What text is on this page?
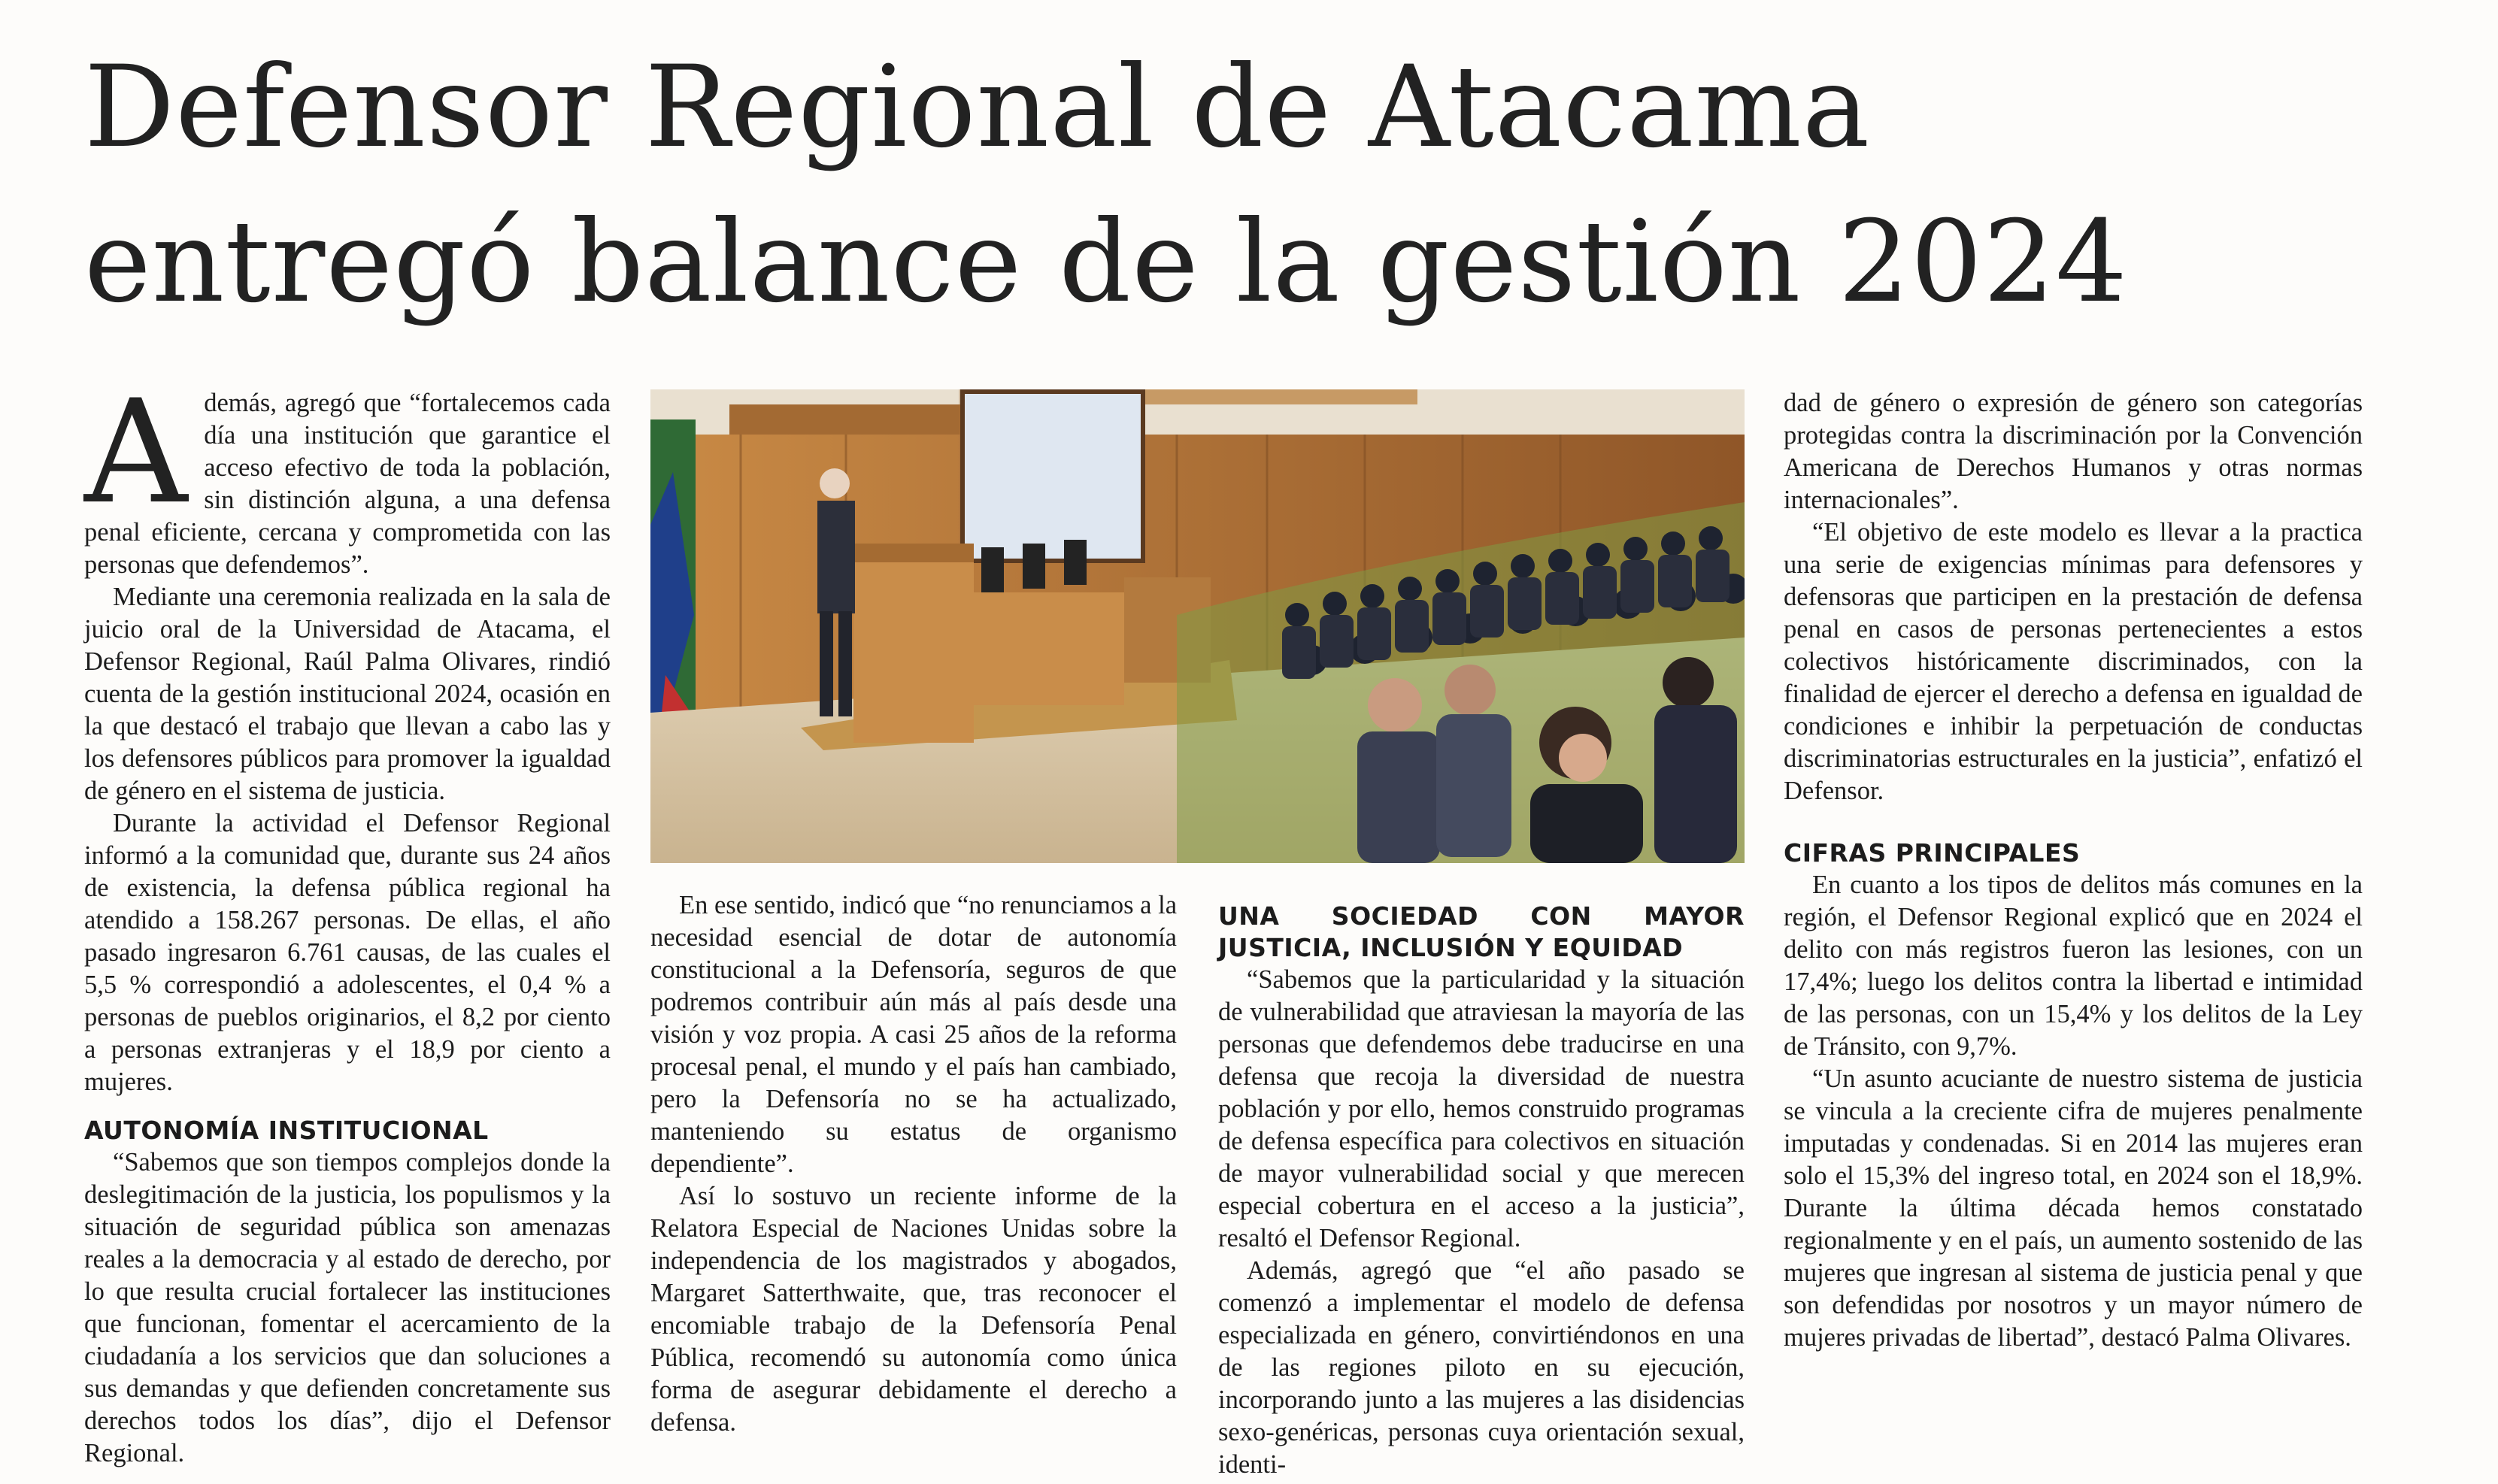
Defensor Regional de Atacama
entregó balance de la gestión 2024

Además, agregó que “fortalecemos cada día una institución que garantice el acceso efectivo de toda la población, sin distinción alguna, a una defensa penal eficiente, cercana y comprometida con las personas que defendemos”.

Mediante una ceremonia realizada en la sala de juicio oral de la Universidad de Atacama, el Defensor Regional, Raúl Palma Olivares, rindió cuenta de la gestión institucional 2024, ocasión en la que destacó el trabajo que llevan a cabo las y los defensores públicos para promover la igualdad de género en el sistema de justicia.

Durante la actividad el Defensor Regional informó a la comunidad que, durante sus 24 años de existencia, la defensa pública regional ha atendido a 158.267 personas. De ellas, el año pasado ingresaron 6.761 causas, de las cuales el 5,5 % correspondió a adolescentes, el 0,4 % a personas de pueblos originarios, el 8,2 por ciento a personas extranjeras y el 18,9 por ciento a mujeres.

AUTONOMÍA INSTITUCIONAL

“Sabemos que son tiempos complejos donde la deslegitimación de la justicia, los populismos y la situación de seguridad pública son amenazas reales a la democracia y al estado de derecho, por lo que resulta crucial fortalecer las instituciones que funcionan, fomentar el acercamiento de la ciudadanía a los servicios que dan soluciones a sus demandas y que defienden concretamente sus derechos todos los días”, dijo el Defensor Regional.

En ese sentido, indicó que “no renunciamos a la necesidad esencial de dotar de autonomía constitucional a la Defensoría, seguros de que podremos contribuir aún más al país desde una visión y voz propia. A casi 25 años de la reforma procesal penal, el mundo y el país han cambiado, pero la Defensoría no se ha actualizado, manteniendo su estatus de organismo dependiente”.

Así lo sostuvo un reciente informe de la Relatora Especial de Naciones Unidas sobre la independencia de los magistrados y abogados, Margaret Satterthwaite, que, tras reconocer el encomiable trabajo de la Defensoría Penal Pública, recomendó su autonomía como única forma de asegurar debidamente el derecho a defensa.

UNA SOCIEDAD CON MAYOR JUSTICIA, INCLUSIÓN Y EQUIDAD

“Sabemos que la particularidad y la situación de vulnerabilidad que atraviesan la mayoría de las personas que defendemos debe traducirse en una defensa que recoja la diversidad de nuestra población y por ello, hemos construido programas de defensa específica para colectivos en situación de mayor vulnerabilidad social y que merecen especial cobertura en el acceso a la justicia”, resaltó el Defensor Regional.

Además, agregó que “el año pasado se comenzó a implementar el modelo de defensa especializada en género, convirtiéndonos en una de las regiones piloto en su ejecución, incorporando junto a las mujeres a las disidencias sexo-genéricas, personas cuya orientación sexual, identi-

dad de género o expresión de género son categorías protegidas contra la discriminación por la Convención Americana de Derechos Humanos y otras normas internacionales”.

“El objetivo de este modelo es llevar a la practica una serie de exigencias mínimas para defensores y defensoras que participen en la prestación de defensa penal en casos de personas pertenecientes a estos colectivos históricamente discriminados, con la finalidad de ejercer el derecho a defensa en igualdad de condiciones e inhibir la perpetuación de conductas discriminatorias estructurales en la justicia”, enfatizó el Defensor.

CIFRAS PRINCIPALES

En cuanto a los tipos de delitos más comunes en la región, el Defensor Regional explicó que en 2024 el delito con más registros fueron las lesiones, con un 17,4%; luego los delitos contra la libertad e intimidad de las personas, con un 15,4% y los delitos de la Ley de Tránsito, con 9,7%.

“Un asunto acuciante de nuestro sistema de justicia se vincula a la creciente cifra de mujeres penalmente imputadas y condenadas. Si en 2014 las mujeres eran solo el 15,3% del ingreso total, en 2024 son el 18,9%. Durante la última década hemos constatado regionalmente y en el país, un aumento sostenido de las mujeres que ingresan al sistema de justicia penal y que son defendidas por nosotros y un mayor número de mujeres privadas de libertad”, destacó Palma Olivares.
